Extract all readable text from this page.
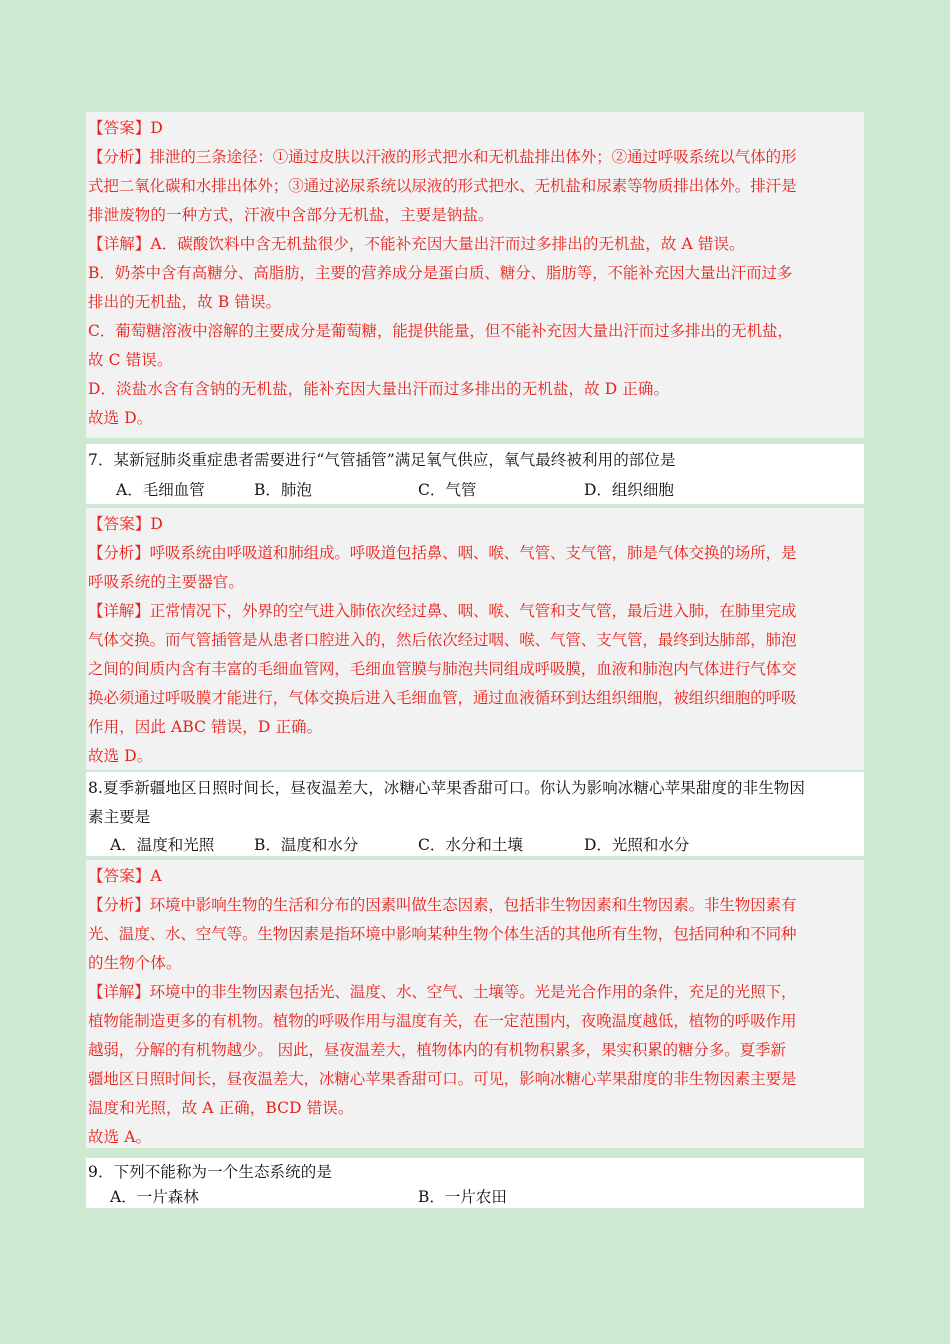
【答案】D

【分析】排泄的三条途径：①通过皮肤以汗液的形式把水和无机盐排出体外；②通过呼吸系统以气体的形

式把二氧化碳和水排出体外；③通过泌尿系统以尿液的形式把水、无机盐和尿素等物质排出体外。排汗是

排泄废物的一种方式，汗液中含部分无机盐，主要是钠盐。

【详解】A．碳酸饮料中含无机盐很少，不能补充因大量出汗而过多排出的无机盐，故 A 错误。

B．奶茶中含有高糖分、高脂肪，主要的营养成分是蛋白质、糖分、脂肪等，不能补充因大量出汗而过多

排出的无机盐，故 B 错误。

C．葡萄糖溶液中溶解的主要成分是葡萄糖，能提供能量，但不能补充因大量出汗而过多排出的无机盐，

故 C 错误。

D．淡盐水含有含钠的无机盐，能补充因大量出汗而过多排出的无机盐，故 D 正确。

故选 D。

7．某新冠肺炎重症患者需要进行“气管插管”满足氧气供应，氧气最终被利用的部位是

A．毛细血管	B．肺泡	C．气管	D．组织细胞

【答案】D

【分析】呼吸系统由呼吸道和肺组成。呼吸道包括鼻、咽、喉、气管、支气管，肺是气体交换的场所，是

呼吸系统的主要器官。

【详解】正常情况下，外界的空气进入肺依次经过鼻、咽、喉、气管和支气管，最后进入肺，在肺里完成

气体交换。而气管插管是从患者口腔进入的，然后依次经过咽、喉、气管、支气管，最终到达肺部，肺泡

之间的间质内含有丰富的毛细血管网，毛细血管膜与肺泡共同组成呼吸膜，血液和肺泡内气体进行气体交

换必须通过呼吸膜才能进行，气体交换后进入毛细血管，通过血液循环到达组织细胞，被组织细胞的呼吸

作用，因此 ABC 错误，D 正确。

故选 D。

8.夏季新疆地区日照时间长，昼夜温差大，冰糖心苹果香甜可口。你认为影响冰糖心苹果甜度的非生物因

素主要是

A．温度和光照	B．温度和水分	C．水分和土壤	D．光照和水分

【答案】A

【分析】环境中影响生物的生活和分布的因素叫做生态因素，包括非生物因素和生物因素。非生物因素有

光、温度、水、空气等。生物因素是指环境中影响某种生物个体生活的其他所有生物，包括同种和不同种

的生物个体。

【详解】环境中的非生物因素包括光、温度、水、空气、土壤等。光是光合作用的条件，充足的光照下，

植物能制造更多的有机物。植物的呼吸作用与温度有关，在一定范围内，夜晚温度越低，植物的呼吸作用

越弱，分解的有机物越少。 因此，昼夜温差大，植物体内的有机物积累多，果实积累的糖分多。夏季新

疆地区日照时间长，昼夜温差大，冰糖心苹果香甜可口。可见，影响冰糖心苹果甜度的非生物因素主要是

温度和光照，故 A 正确，BCD 错误。

故选 A。

9．下列不能称为一个生态系统的是

A．一片森林	B．一片农田
